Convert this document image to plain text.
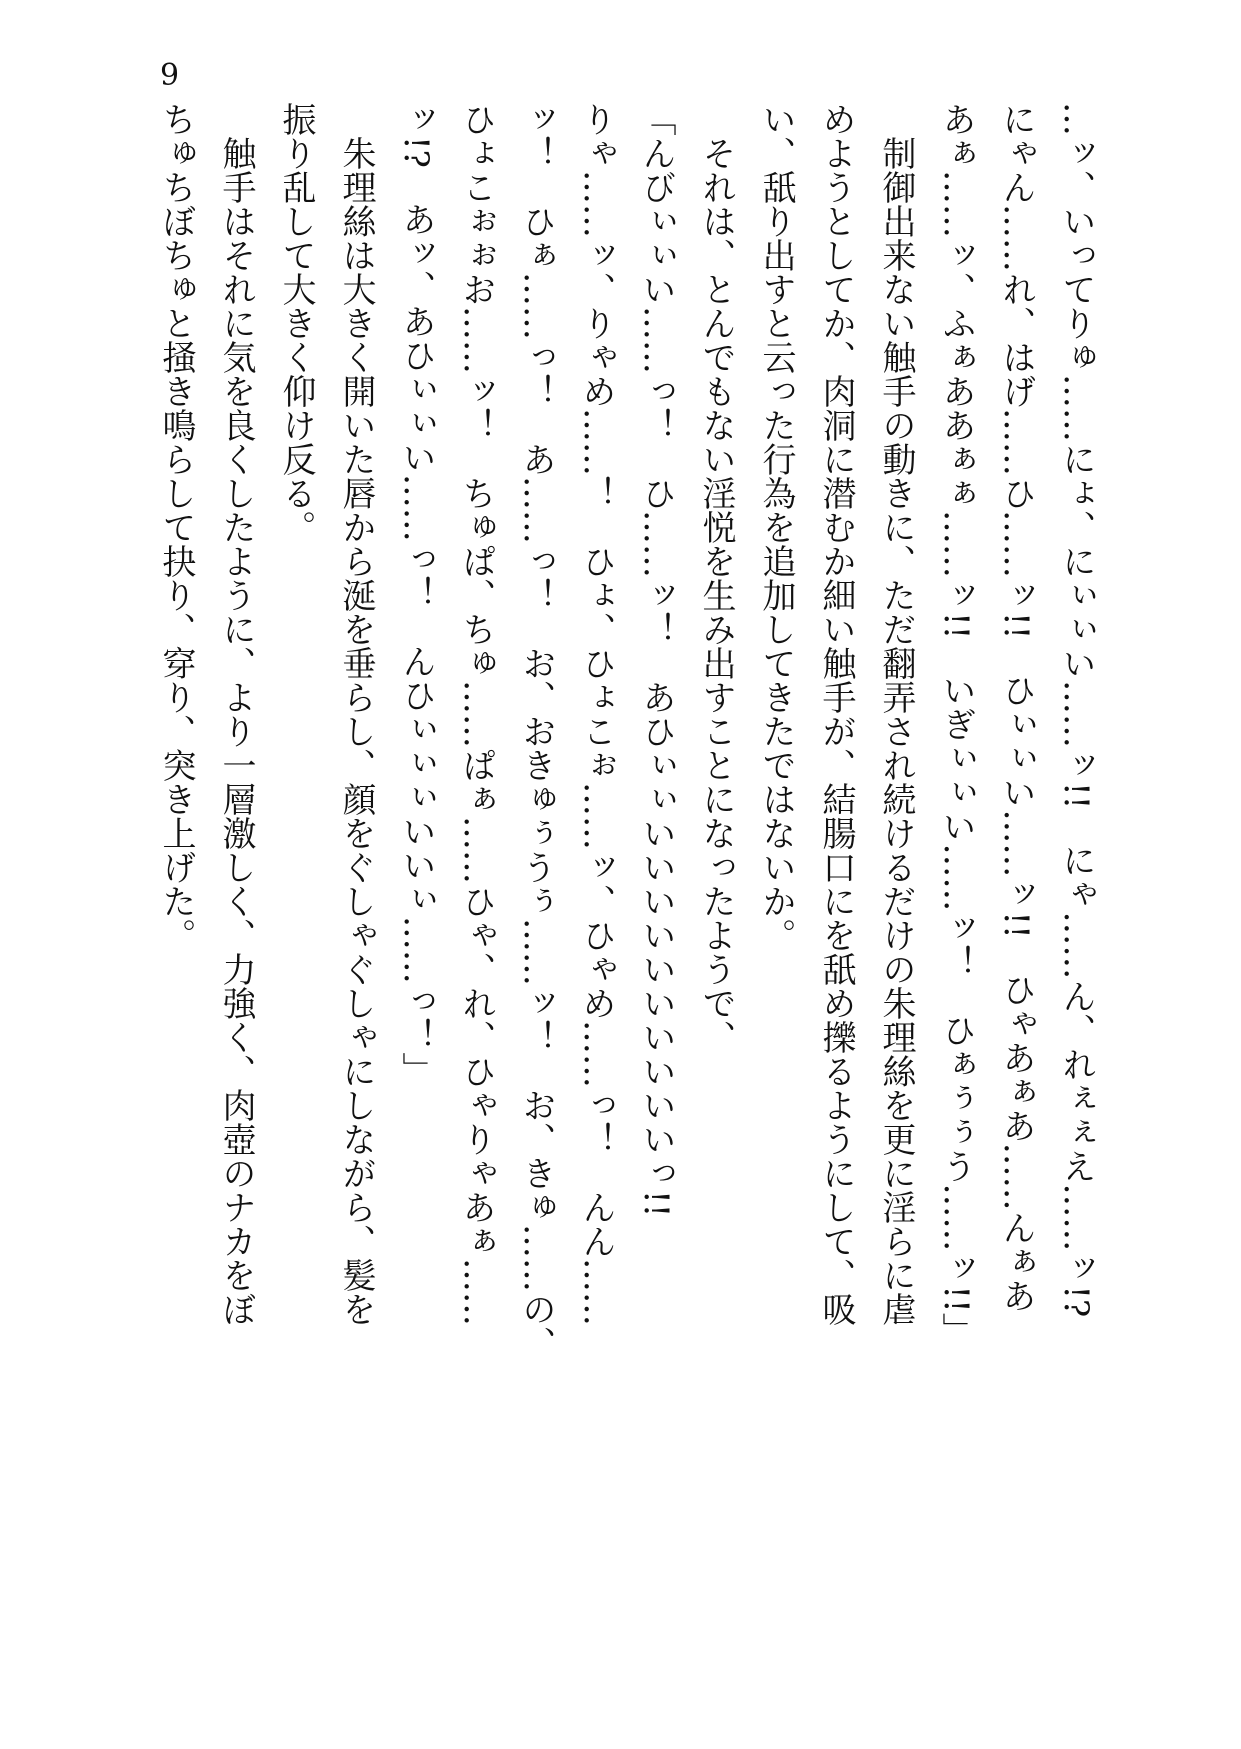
9
…ッ、いってりゅ……にょ、にぃぃい……ッ!!　にゃ……ん、れぇぇえ……ッ!?
にゃん……れ、はげ……ひ……ッ!!　ひぃぃい……ッ!!　ひゃあぁあ……んぁあ
あぁ……ッ、ふぁああぁぁ……ッ!!　いぎぃぃい……ッ！　ひぁぅぅう……ッ!!」
　制御出来ない触手の動きに、ただ翻弄され続けるだけの朱理絲を更に淫らに虐
めようとしてか、肉洞に潜むか細い触手が、結腸口にを舐め擽るようにして、吸
い、舐り出すと云った行為を追加してきたではないか。
　それは、とんでもない淫悦を生み出すことになったようで、
「んびぃぃい……っ！　ひ……ッ！　あひぃぃいいいいいいいいいいっ!!
りゃ……ッ、りゃめ……！　ひょ、ひょこぉ……ッ、ひゃめ……っ！　んん……
ッ！　ひぁ……っ！　あ……っ！　お、おきゅぅうぅ……ッ！　お、きゅ……の、
ひょこぉぉお……ッ！　ちゅぱ、ちゅ……ぱぁ……ひゃ、れ、ひゃりゃあぁ……
ッ!?　あッ、あひぃぃい……っ！　んひぃぃぃいいぃ……っ！」
　朱理絲は大きく開いた唇から涎を垂らし、顔をぐしゃぐしゃにしながら、髪を
振り乱して大きく仰け反る。
　触手はそれに気を良くしたように、より一層激しく、力強く、肉壺のナカをぼ
ちゅちぼちゅと掻き鳴らして抉り、穿り、突き上げた。
